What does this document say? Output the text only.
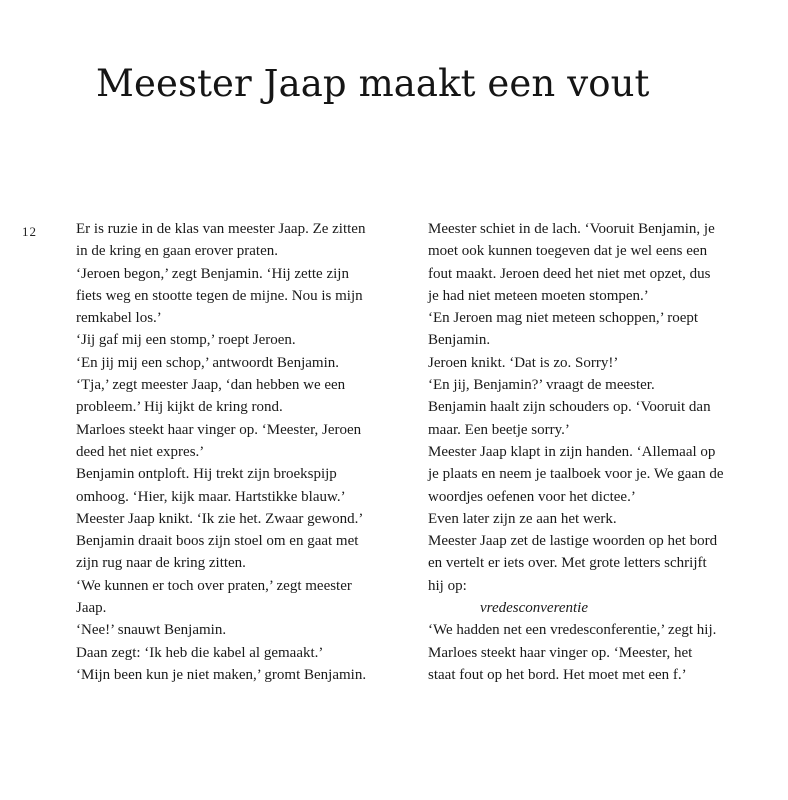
Meester Jaap maakt een vout
12	Er is ruzie in de klas van meester Jaap. Ze zitten
in de kring en gaan erover praten.
‘Jeroen begon,’ zegt Benjamin. ‘Hij zette zijn
fiets weg en stootte tegen de mijne. Nou is mijn
remkabel los.’
‘Jij gaf mij een stomp,’ roept Jeroen.
‘En jij mij een schop,’ antwoordt Benjamin.
‘Tja,’ zegt meester Jaap, ‘dan hebben we een
probleem.’ Hij kijkt de kring rond.
Marloes steekt haar vinger op. ‘Meester, Jeroen
deed het niet expres.’
Benjamin ontploft. Hij trekt zijn broekspijp
omhoog. ‘Hier, kijk maar. Hartstikke blauw.’
Meester Jaap knikt. ‘Ik zie het. Zwaar gewond.’
Benjamin draait boos zijn stoel om en gaat met
zijn rug naar de kring zitten.
‘We kunnen er toch over praten,’ zegt meester
Jaap.
‘Nee!’ snauwt Benjamin.
Daan zegt: ‘Ik heb die kabel al gemaakt.’
‘Mijn been kun je niet maken,’ gromt Benjamin.
Meester schiet in de lach. ‘Vooruit Benjamin, je
moet ook kunnen toegeven dat je wel eens een
fout maakt. Jeroen deed het niet met opzet, dus
je had niet meteen moeten stompen.’
‘En Jeroen mag niet meteen schoppen,’ roept
Benjamin.
Jeroen knikt. ‘Dat is zo. Sorry!’
‘En jij, Benjamin?’ vraagt de meester.
Benjamin haalt zijn schouders op. ‘Vooruit dan
maar. Een beetje sorry.’
Meester Jaap klapt in zijn handen. ‘Allemaal op
je plaats en neem je taalboek voor je. We gaan de
woordjes oefenen voor het dictee.’
Even later zijn ze aan het werk.
Meester Jaap zet de lastige woorden op het bord
en vertelt er iets over. Met grote letters schrijft
hij op:
vredesconverentie
‘We hadden net een vredesconferentie,’ zegt hij.
Marloes steekt haar vinger op. ‘Meester, het
staat fout op het bord. Het moet met een f.’
